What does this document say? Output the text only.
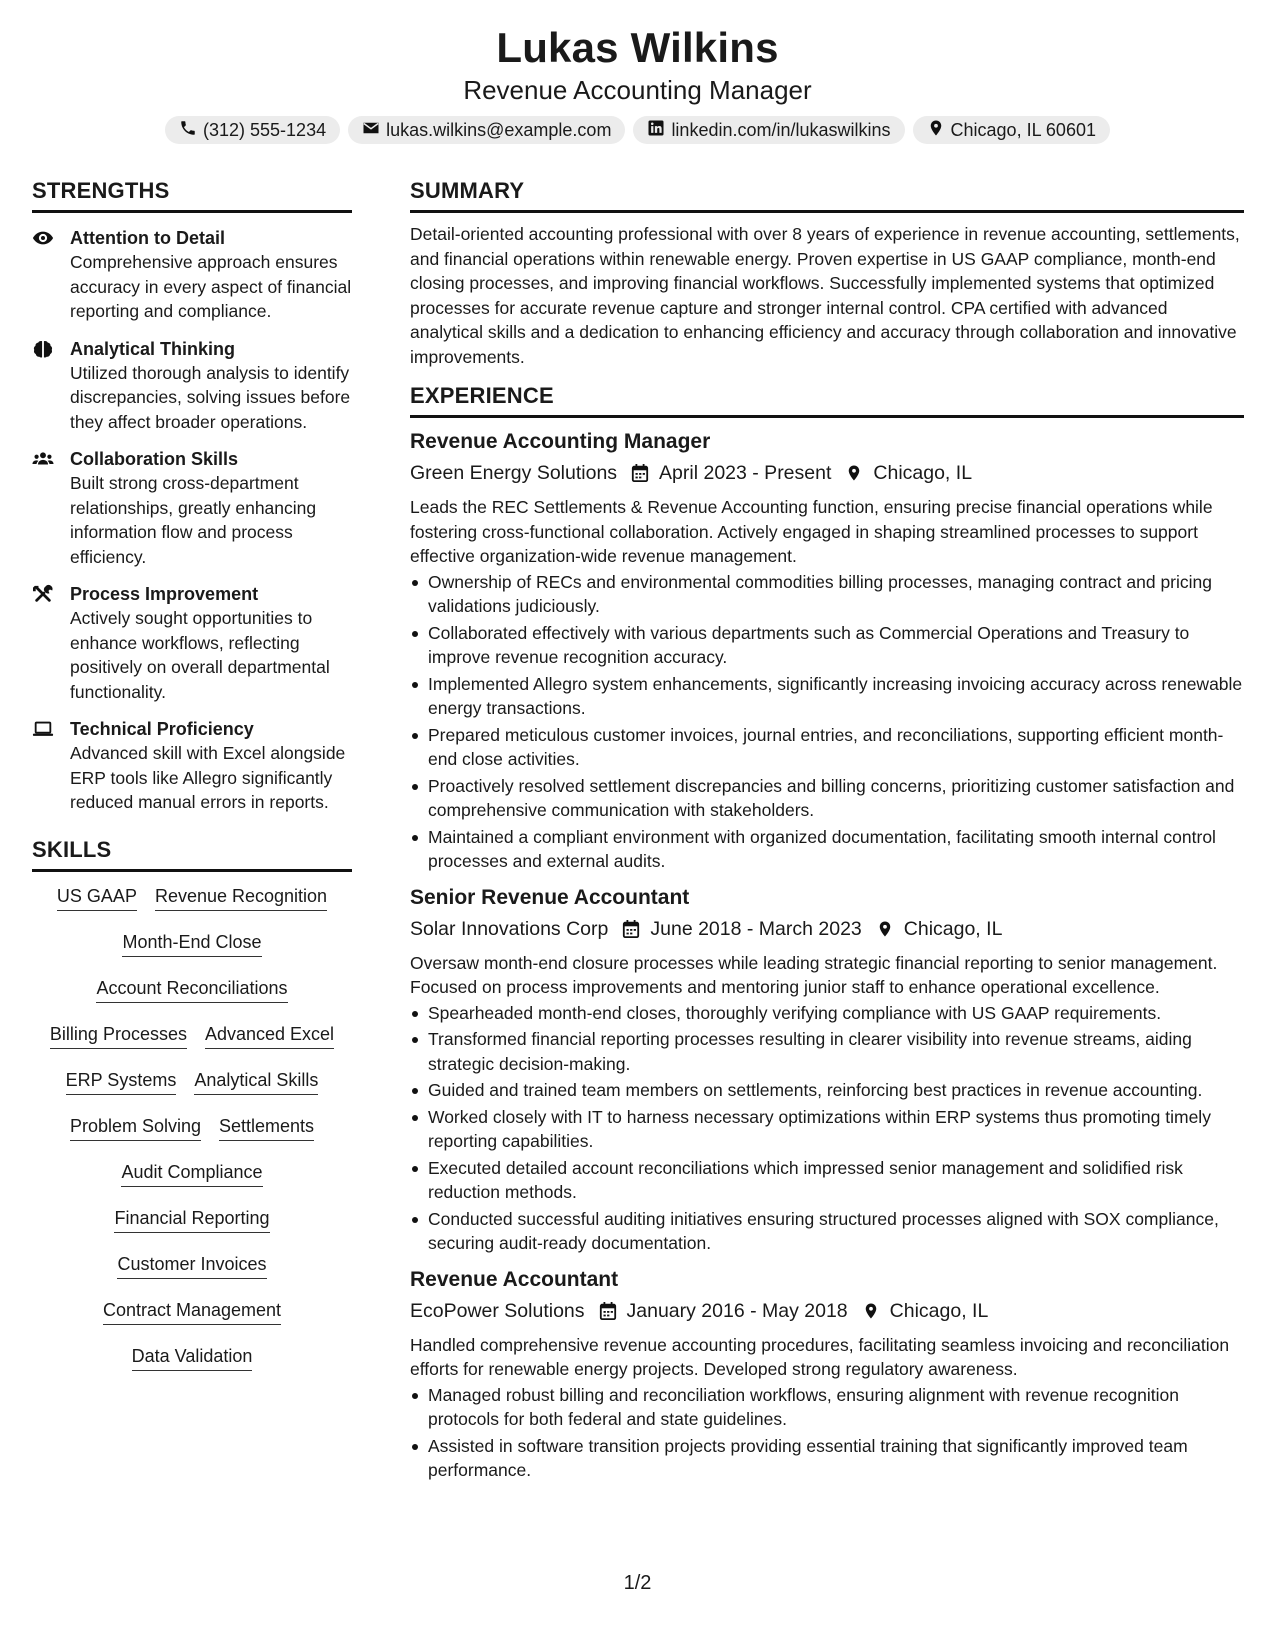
Lukas Wilkins
Revenue Accounting Manager
(312) 555-1234	lukas.wilkins@example.com	linkedin.com/in/lukaswilkins	Chicago, IL 60601
STRENGTHS
Attention to Detail
Comprehensive approach ensures accuracy in every aspect of financial reporting and compliance.
Analytical Thinking
Utilized thorough analysis to identify discrepancies, solving issues before they affect broader operations.
Collaboration Skills
Built strong cross-department relationships, greatly enhancing information flow and process efficiency.
Process Improvement
Actively sought opportunities to enhance workflows, reflecting positively on overall departmental functionality.
Technical Proficiency
Advanced skill with Excel alongside ERP tools like Allegro significantly reduced manual errors in reports.
SKILLS
US GAAP Revenue Recognition
Month-End Close
Account Reconciliations
Billing Processes Advanced Excel
ERP Systems Analytical Skills
Problem Solving Settlements
Audit Compliance
Financial Reporting
Customer Invoices
Contract Management
Data Validation
SUMMARY
Detail-oriented accounting professional with over 8 years of experience in revenue accounting, settlements, and financial operations within renewable energy. Proven expertise in US GAAP compliance, month-end closing processes, and improving financial workflows. Successfully implemented systems that optimized processes for accurate revenue capture and stronger internal control. CPA certified with advanced analytical skills and a dedication to enhancing efficiency and accuracy through collaboration and innovative improvements.
EXPERIENCE
Revenue Accounting Manager
Green Energy Solutions April 2023 - Present Chicago, IL
Leads the REC Settlements & Revenue Accounting function, ensuring precise financial operations while fostering cross-functional collaboration. Actively engaged in shaping streamlined processes to support effective organization-wide revenue management.
Ownership of RECs and environmental commodities billing processes, managing contract and pricing validations judiciously.
Collaborated effectively with various departments such as Commercial Operations and Treasury to improve revenue recognition accuracy.
Implemented Allegro system enhancements, significantly increasing invoicing accuracy across renewable energy transactions.
Prepared meticulous customer invoices, journal entries, and reconciliations, supporting efficient month-end close activities.
Proactively resolved settlement discrepancies and billing concerns, prioritizing customer satisfaction and comprehensive communication with stakeholders.
Maintained a compliant environment with organized documentation, facilitating smooth internal control processes and external audits.
Senior Revenue Accountant
Solar Innovations Corp June 2018 - March 2023 Chicago, IL
Oversaw month-end closure processes while leading strategic financial reporting to senior management. Focused on process improvements and mentoring junior staff to enhance operational excellence.
Spearheaded month-end closes, thoroughly verifying compliance with US GAAP requirements.
Transformed financial reporting processes resulting in clearer visibility into revenue streams, aiding strategic decision-making.
Guided and trained team members on settlements, reinforcing best practices in revenue accounting.
Worked closely with IT to harness necessary optimizations within ERP systems thus promoting timely reporting capabilities.
Executed detailed account reconciliations which impressed senior management and solidified risk reduction methods.
Conducted successful auditing initiatives ensuring structured processes aligned with SOX compliance, securing audit-ready documentation.
Revenue Accountant
EcoPower Solutions January 2016 - May 2018 Chicago, IL
Handled comprehensive revenue accounting procedures, facilitating seamless invoicing and reconciliation efforts for renewable energy projects. Developed strong regulatory awareness.
Managed robust billing and reconciliation workflows, ensuring alignment with revenue recognition protocols for both federal and state guidelines.
Assisted in software transition projects providing essential training that significantly improved team performance.
1/2
